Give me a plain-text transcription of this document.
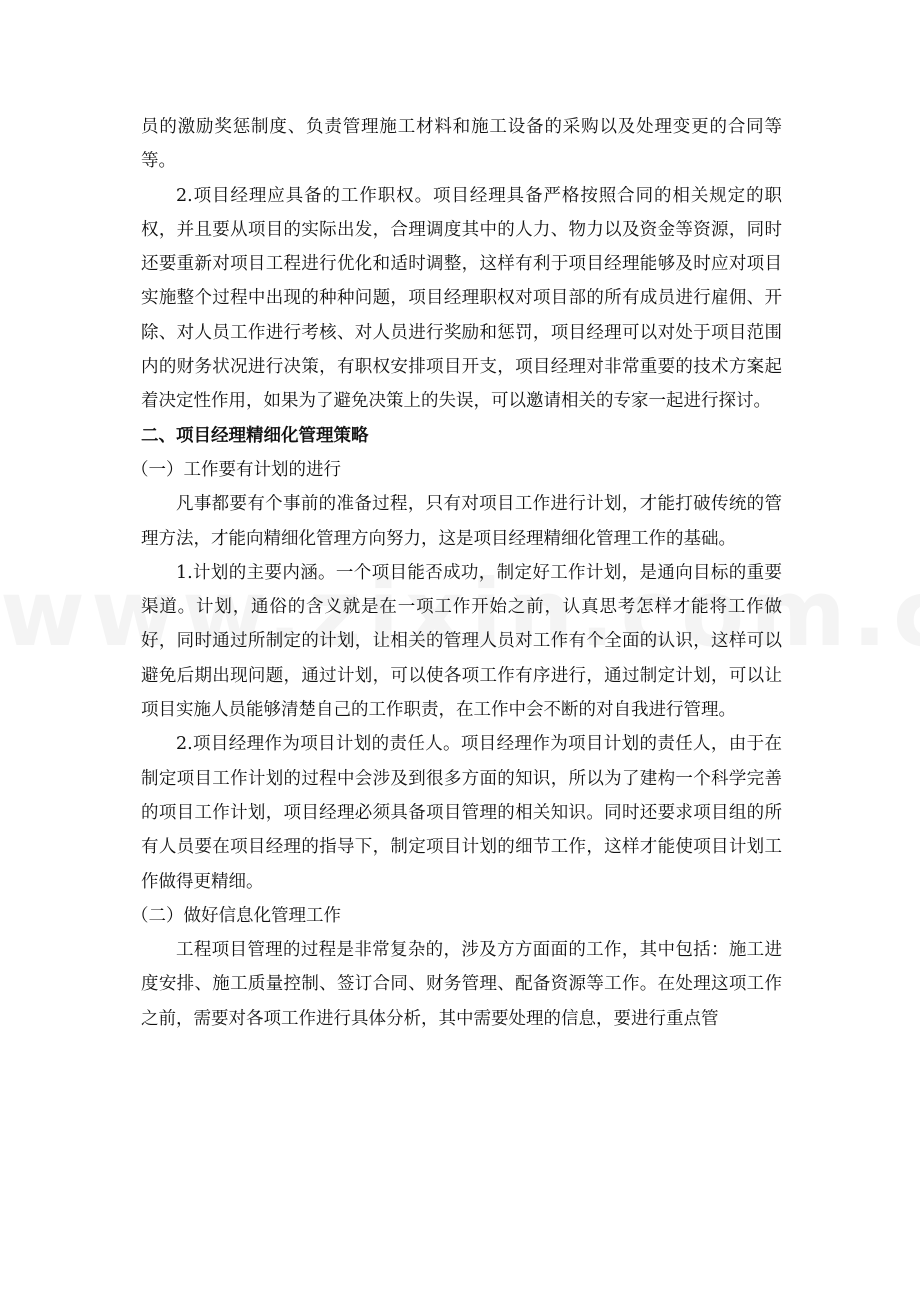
员的激励奖惩制度、负责管理施工材料和施工设备的采购以及处理变更的合同等等。

2.项目经理应具备的工作职权。项目经理具备严格按照合同的相关规定的职权，并且要从项目的实际出发，合理调度其中的人力、物力以及资金等资源，同时还要重新对项目工程进行优化和适时调整，这样有利于项目经理能够及时应对项目实施整个过程中出现的种种问题，项目经理职权对项目部的所有成员进行雇佣、开除、对人员工作进行考核、对人员进行奖励和惩罚，项目经理可以对处于项目范围内的财务状况进行决策，有职权安排项目开支，项目经理对非常重要的技术方案起着决定性作用，如果为了避免决策上的失误，可以邀请相关的专家一起进行探讨。

二、项目经理精细化管理策略

（一）工作要有计划的进行

凡事都要有个事前的准备过程，只有对项目工作进行计划，才能打破传统的管理方法，才能向精细化管理方向努力，这是项目经理精细化管理工作的基础。

1.计划的主要内涵。一个项目能否成功，制定好工作计划，是通向目标的重要渠道。计划，通俗的含义就是在一项工作开始之前，认真思考怎样才能将工作做好，同时通过所制定的计划，让相关的管理人员对工作有个全面的认识，这样可以避免后期出现问题，通过计划，可以使各项工作有序进行，通过制定计划，可以让项目实施人员能够清楚自己的工作职责，在工作中会不断的对自我进行管理。

2.项目经理作为项目计划的责任人。项目经理作为项目计划的责任人，由于在制定项目工作计划的过程中会涉及到很多方面的知识，所以为了建构一个科学完善的项目工作计划，项目经理必须具备项目管理的相关知识。同时还要求项目组的所有人员要在项目经理的指导下，制定项目计划的细节工作，这样才能使项目计划工作做得更精细。

（二）做好信息化管理工作

工程项目管理的过程是非常复杂的，涉及方方面面的工作，其中包括：施工进度安排、施工质量控制、签订合同、财务管理、配备资源等工作。在处理这项工作之前，需要对各项工作进行具体分析，其中需要处理的信息，要进行重点管
